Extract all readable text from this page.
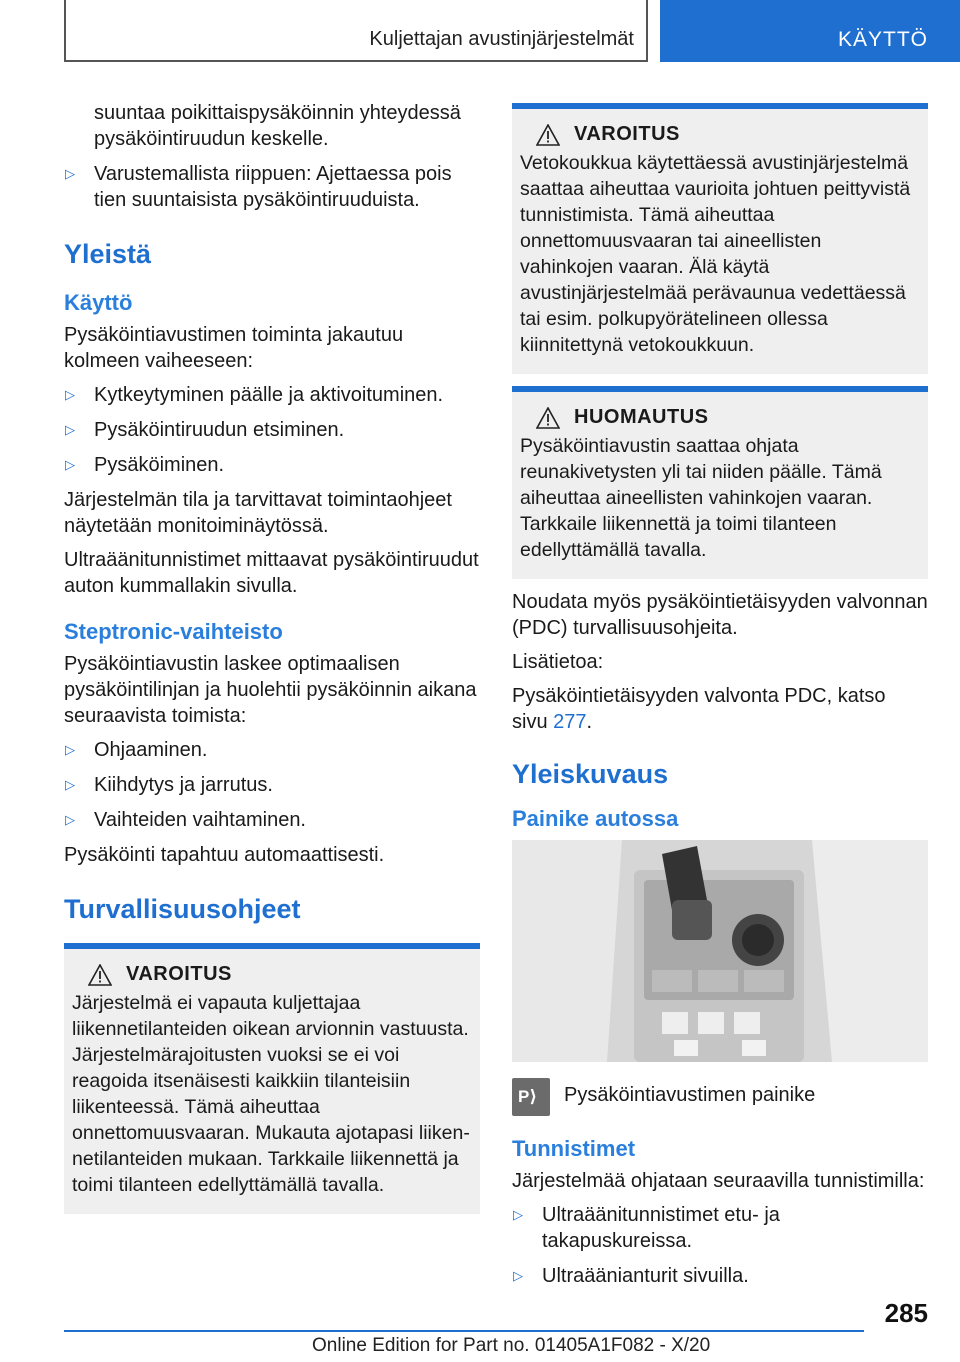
Kuljettajan avustinjärjestelmät	KÄYTTÖ
suuntaa poikittaispysäköinnin yhteydessä pysäköintiruudun keskelle.
▷ Varustemallista riippuen: Ajettaessa pois tien suuntaisista pysäköintiruuduista.
Yleistä
Käyttö

Pysäköintiavustimen toiminta jakautuu kolmeen vaiheeseen:

▷ Kytkeytyminen päälle ja aktivoituminen.
▷ Pysäköintiruudun etsiminen.
▷ Pysäköiminen.

Järjestelmän tila ja tarvittavat toimintaohjeet näytetään monitoiminäytössä.

Ultraäänitunnistimet mittaavat pysäköintiruudut auton kummallakin sivulla.

Steptronic-vaihteisto

Pysäköintiavustin laskee optimaalisen pysäköintilinjan ja huolehtii pysäköinnin aikana seuraavista toimista:

▷ Ohjaaminen.
▷ Kiihdytys ja jarrutus.
▷ Vaihteiden vaihtaminen.

Pysäköinti tapahtuu automaattisesti.

Turvallisuusohjeet
VAROITUS

Järjestelmä ei vapauta kuljettajaa liikennetilanteiden oikean arvionnin vastuusta. Järjestelmärajoitusten vuoksi se ei voi reagoida itsenäisesti kaikkiin tilanteisiin liikenteessä. Tämä aiheuttaa onnettomuusvaaran. Mukauta ajotapasi liikennetilanteiden mukaan. Tarkkaile liikennettä ja toimi tilanteen edellyttämällä tavalla.

VAROITUS

Vetokoukkua käytettäessä avustinjärjestelmä saattaa aiheuttaa vaurioita johtuen peittyvistä tunnistimista. Tämä aiheuttaa onnettomuusvaaran tai aineellisten vahinkojen vaaran. Älä käytä avustinjärjestelmää perävaunua vedettäessä tai esim. polkupyörätelineen ollessa kiinnitettynä vetokoukkuun.

HUOMAUTUS

Pysäköintiavustin saattaa ohjata reunakivetysten yli tai niiden päälle. Tämä aiheuttaa aineellisten vahinkojen vaaran. Tarkkaile liikennettä ja toimi tilanteen edellyttämällä tavalla.

Noudata myös pysäköintietäisyyden valvonnan (PDC) turvallisuusohjeita.

Lisätietoa:

Pysäköintietäisyyden valvonta PDC, katso
sivu 277.

Yleiskuvaus
Painike autossa
P⟩ Pysäköintiavustimen painike

Tunnistimet

Järjestelmää ohjataan seuraavilla tunnistimilla:

▷ Ultraäänitunnistimet etu- ja takapuskureissa.
▷ Ultraäänianturit sivuilla.
285
Online Edition for Part no. 01405A1F082 - X/20
